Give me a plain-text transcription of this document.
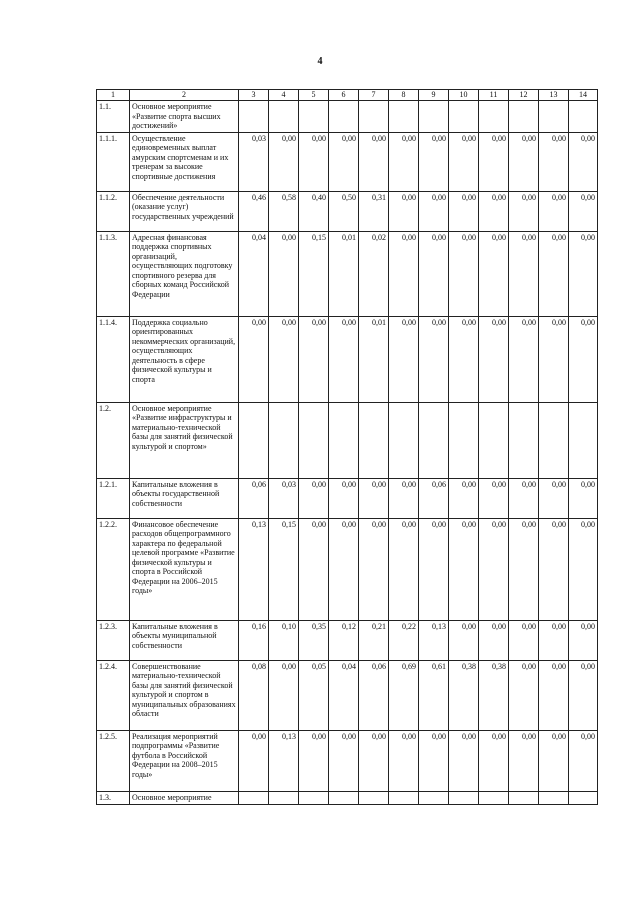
4
1	2	3	4	5	6	7	8	9	10	11	12	13	14
1.1.	Основное мероприятие «Развитие спорта высших достижений»												
1.1.1.	Осуществление единовременных выплат амурским спортсменам и их тренерам за высокие спортивные достижения	0,03	0,00	0,00	0,00	0,00	0,00	0,00	0,00	0,00	0,00	0,00	0,00
1.1.2.	Обеспечение деятельности (оказание услуг) государственных учреждений	0,46	0,58	0,40	0,50	0,31	0,00	0,00	0,00	0,00	0,00	0,00	0,00
1.1.3.	Адресная финансовая поддержка спортивных организаций, осуществляющих подготовку спортивного резерва для сборных команд Российской Федерации	0,04	0,00	0,15	0,01	0,02	0,00	0,00	0,00	0,00	0,00	0,00	0,00
1.1.4.	Поддержка социально ориентированных некоммерческих организаций, осуществляющих деятельность в сфере физической культуры и спорта	0,00	0,00	0,00	0,00	0,01	0,00	0,00	0,00	0,00	0,00	0,00	0,00
1.2.	Основное мероприятие «Развитие инфраструктуры и материально-технической базы для занятий физической культурой и спортом»												
1.2.1.	Капитальные вложения в объекты государственной собственности	0,06	0,03	0,00	0,00	0,00	0,00	0,06	0,00	0,00	0,00	0,00	0,00
1.2.2.	Финансовое обеспечение расходов общепрограммного характера по федеральной целевой программе «Развитие физической культуры и спорта в Российской Федерации на 2006–2015 годы»	0,13	0,15	0,00	0,00	0,00	0,00	0,00	0,00	0,00	0,00	0,00	0,00
1.2.3.	Капитальные вложения в объекты муниципальной собственности	0,16	0,10	0,35	0,12	0,21	0,22	0,13	0,00	0,00	0,00	0,00	0,00
1.2.4.	Совершенствование материально-технической базы для занятий физической культурой и спортом в муниципальных образованиях области	0,08	0,00	0,05	0,04	0,06	0,69	0,61	0,38	0,38	0,00	0,00	0,00
1.2.5.	Реализация мероприятий подпрограммы «Развитие футбола в Российской Федерации на 2008–2015 годы»	0,00	0,13	0,00	0,00	0,00	0,00	0,00	0,00	0,00	0,00	0,00	0,00
1.3.	Основное мероприятие												
